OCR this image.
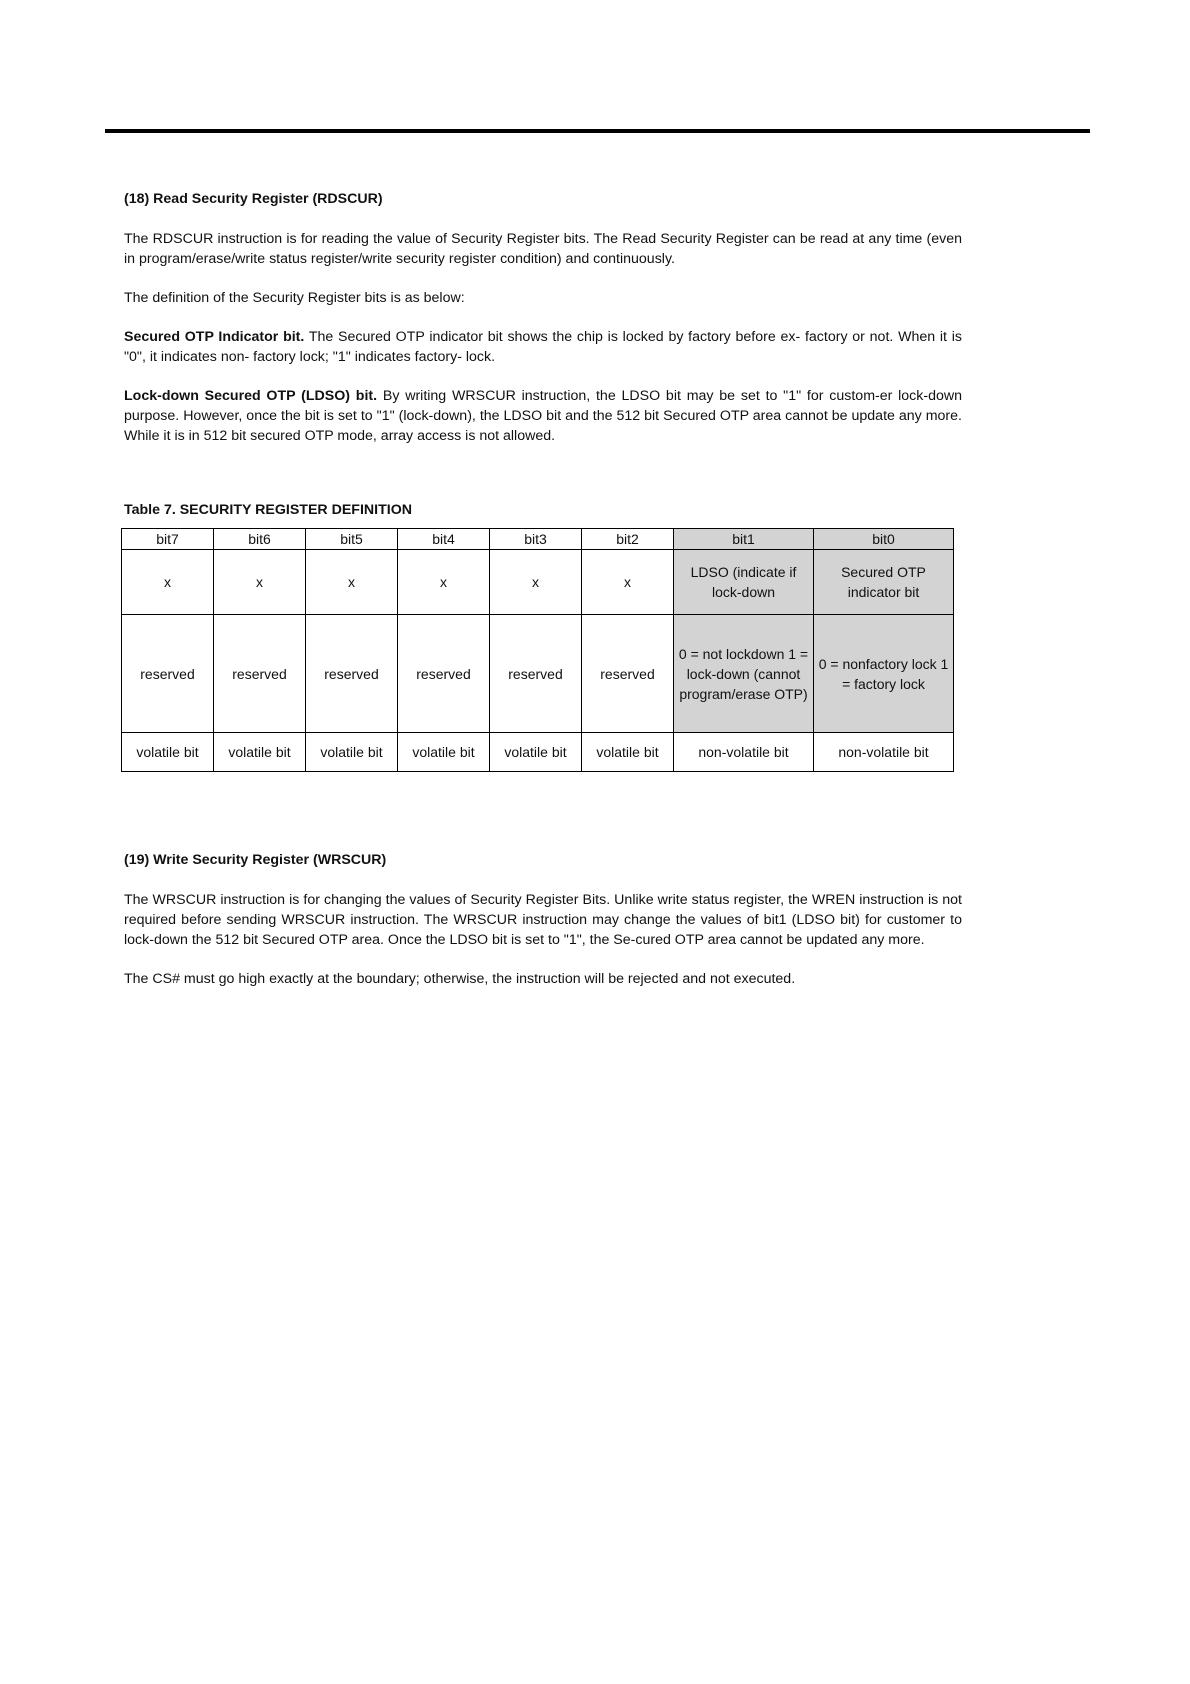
(18) Read Security Register (RDSCUR)

The RDSCUR instruction is for reading the value of Security Register bits. The Read Security Register can be read at any time (even in program/erase/write status register/write security register condition) and continuously.

The definition of the Security Register bits is as below:

Secured OTP Indicator bit. The Secured OTP indicator bit shows the chip is locked by factory before ex- factory or not. When it is "0", it indicates non- factory lock; "1" indicates factory- lock.

Lock-down Secured OTP (LDSO) bit. By writing WRSCUR instruction, the LDSO bit may be set to "1" for custom-er lock-down purpose. However, once the bit is set to "1" (lock-down), the LDSO bit and the 512 bit Secured OTP area cannot be update any more. While it is in 512 bit secured OTP mode, array access is not allowed.

Table 7. SECURITY REGISTER DEFINITION
bit7	bit6	bit5	bit4	bit3	bit2	bit1	bit0
x	x	x	x	x	x	LDSO (indicate if lock-down	Secured OTP indicator bit
reserved	reserved	reserved	reserved	reserved	reserved	0 = not lockdown 1 = lock-down (cannot program/erase OTP)	0 = nonfactory lock 1 = factory lock
volatile bit	volatile bit	volatile bit	volatile bit	volatile bit	volatile bit	non-volatile bit	non-volatile bit
(19) Write Security Register (WRSCUR)

The WRSCUR instruction is for changing the values of Security Register Bits. Unlike write status register, the WREN instruction is not required before sending WRSCUR instruction. The WRSCUR instruction may change the values of bit1 (LDSO bit) for customer to lock-down the 512 bit Secured OTP area. Once the LDSO bit is set to "1", the Se-cured OTP area cannot be updated any more.

The CS# must go high exactly at the boundary; otherwise, the instruction will be rejected and not executed.
